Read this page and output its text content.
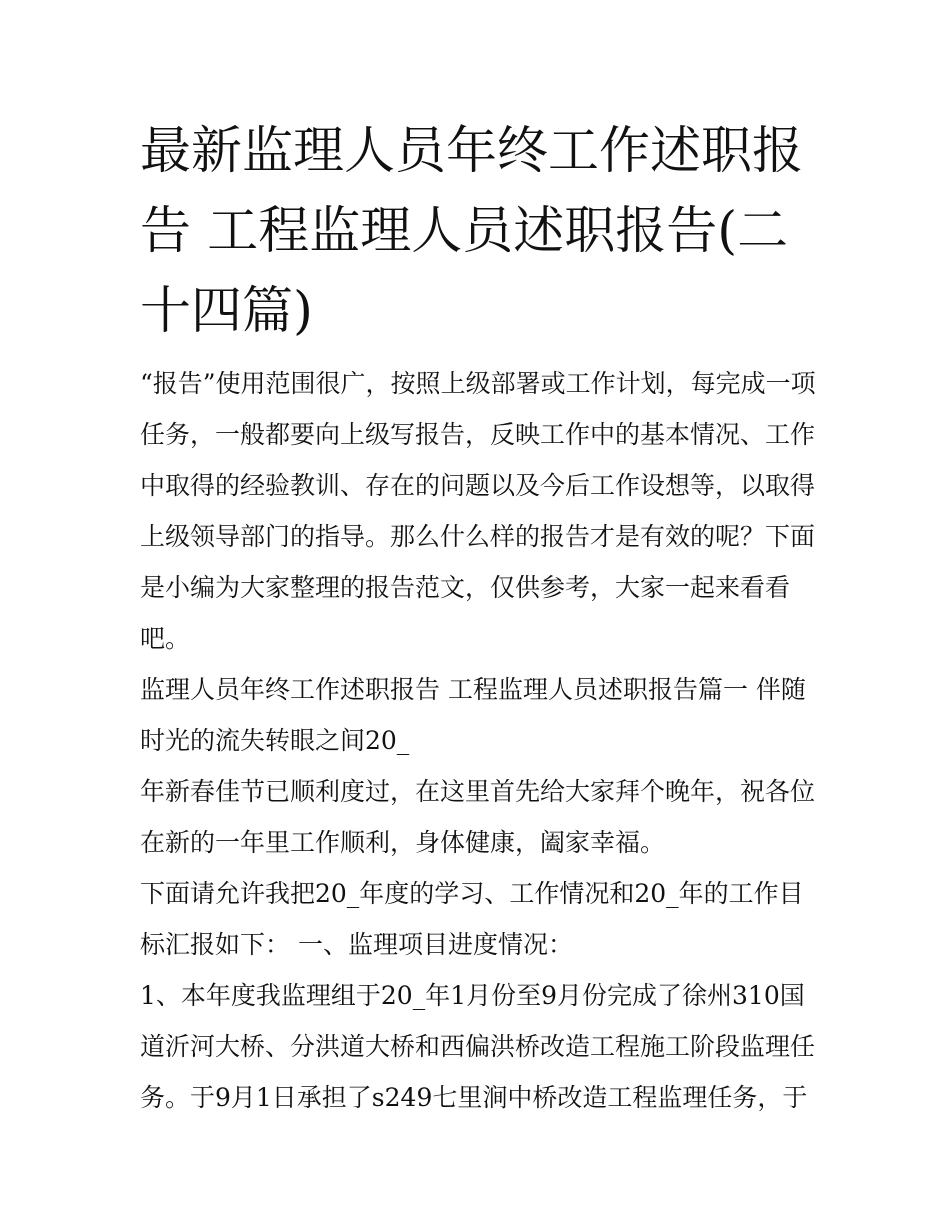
最新监理人员年终工作述职报
告 工程监理人员述职报告(二
十四篇)

“报告”使用范围很广，按照上级部署或工作计划，每完成一项
任务，一般都要向上级写报告，反映工作中的基本情况、工作
中取得的经验教训、存在的问题以及今后工作设想等，以取得
上级领导部门的指导。那么什么样的报告才是有效的呢？下面
是小编为大家整理的报告范文，仅供参考，大家一起来看看
吧。

监理人员年终工作述职报告 工程监理人员述职报告篇一 伴随
时光的流失转眼之间20_

年新春佳节已顺利度过，在这里首先给大家拜个晚年，祝各位
在新的一年里工作顺利，身体健康，阖家幸福。

下面请允许我把20_年度的学习、工作情况和20_年的工作目
标汇报如下： 一、监理项目进度情况：

1、本年度我监理组于20_年1月份至9月份完成了徐州310国
道沂河大桥、分洪道大桥和西偏洪桥改造工程施工阶段监理任
务。于9月1日承担了s249七里涧中桥改造工程监理任务，于
